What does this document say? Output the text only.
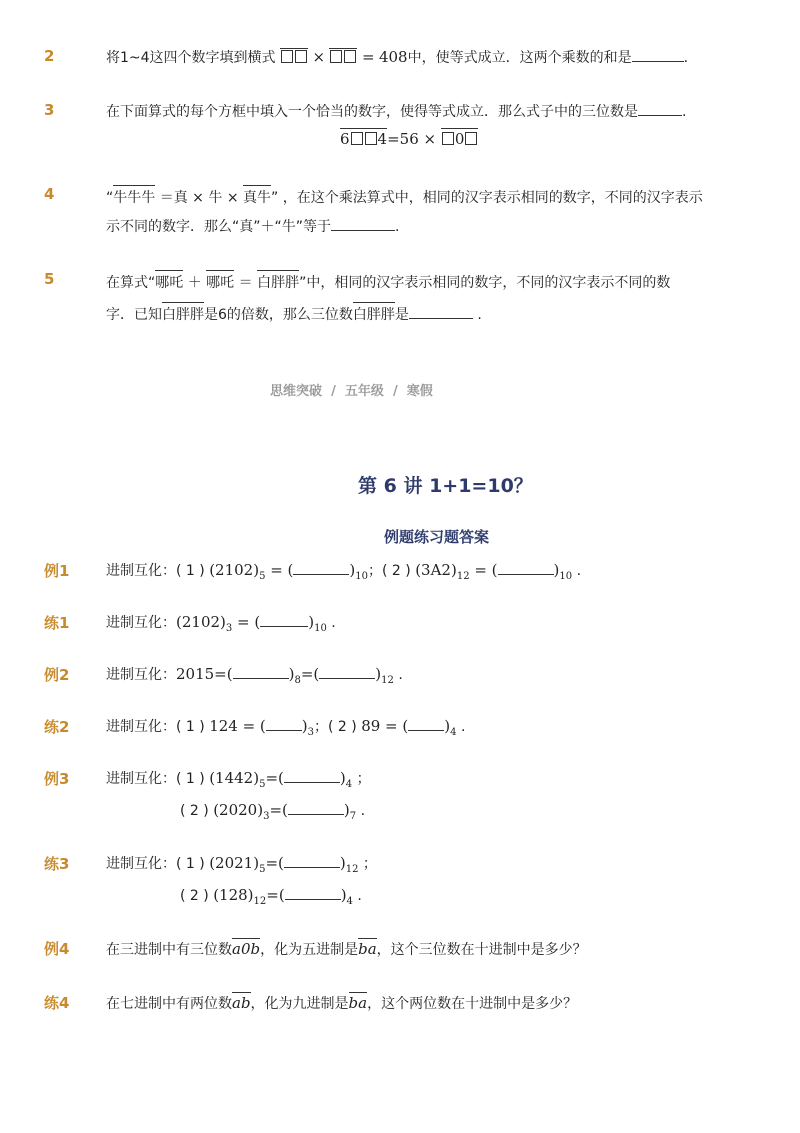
2	将1~4这四个数字填到横式 × = 408中，使等式成立．这两个乘数的和是	.
3	在下面算式的每个方框中填入一个恰当的数字，使得等式成立．那么式子中的三位数是	.
6 4=56 × 0
4	“牛牛牛 ＝真 × 牛 × 真牛” ，在这个乘法算式中，相同的汉字表示相同的数字，不同的汉字表示
示不同的数字．那么“真”＋“牛”等于	.
5	在算式“哪吒 ＋ 哪吒 ＝ 白胖胖”中，相同的汉字表示相同的数字，不同的汉字表示不同的数
字．已知白胖胖是6的倍数，那么三位数白胖胖是	.
思维突破 / 五年级 / 寒假
第 6 讲 1+1=10？
例题练习题答案
例1	进制互化：( 1 ) $(2102)_5$ = (	)$_{10}$；( 2 ) $(3A2)_{12}$ = (	)$_{10}$ .
练1	进制互化：$(2102)_3$ = (	)$_{10}$ .
例2	进制互化：2015=(	)$_8=$(	)$_{12}$ .
练2	进制互化：( 1 ) 124 = ( )$_3$；( 2 ) 89 = ( )$_4$ .
例3	进制互化：( 1 ) $(1442)_5=$(	)$_4$ ；
( 2 ) $(2020)_3=$(	)$_7$ .
练3	进制互化：( 1 ) $(2021)_5=$(	)$_{12}$ ；
( 2 ) $(128)_{12}=$(	)$_4$ .
例4	在三进制中有三位数a0b，化为五进制是ba，这个三位数在十进制中是多少？
练4	在七进制中有两位数ab，化为九进制是ba，这个两位数在十进制中是多少？
